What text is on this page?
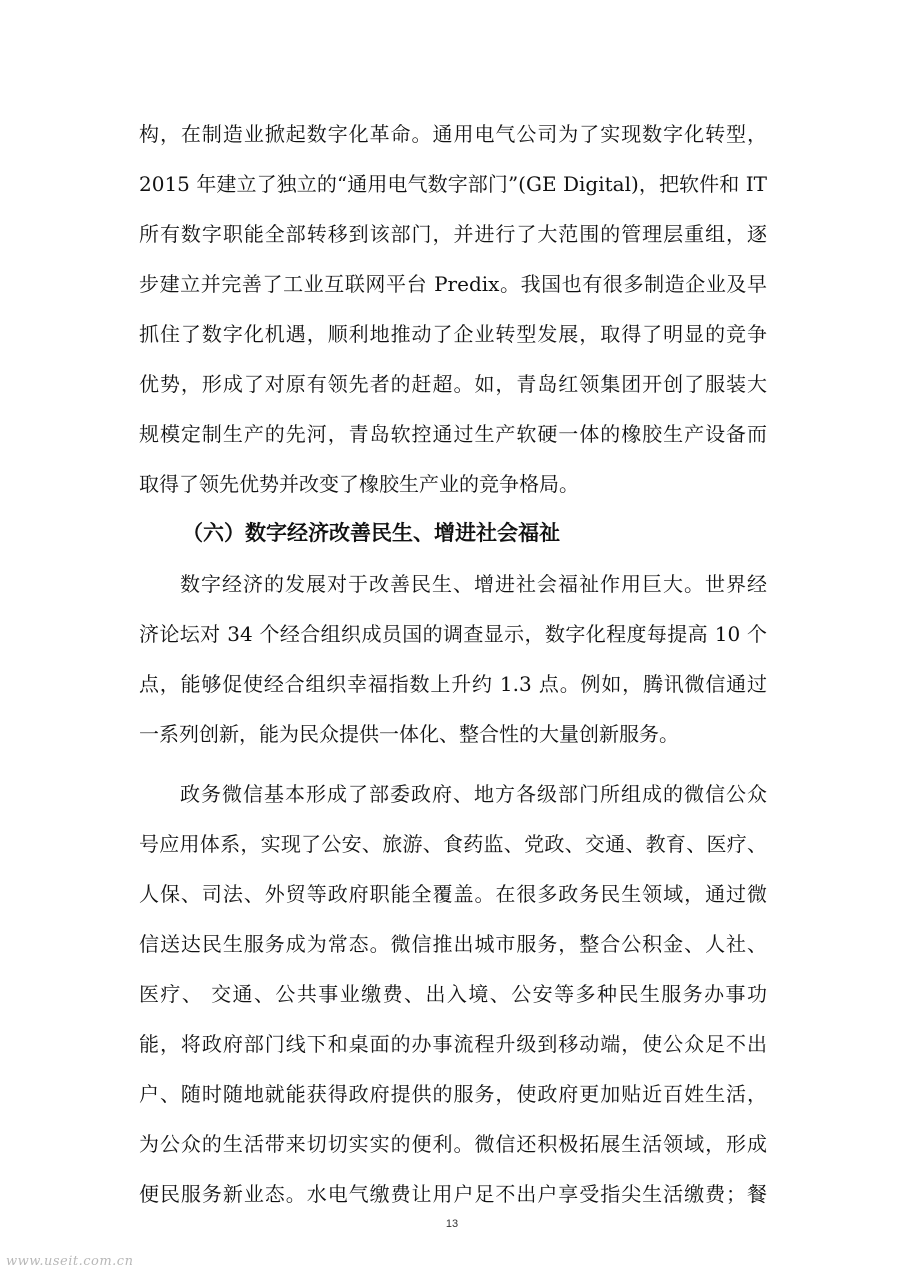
构，在制造业掀起数字化革命。通用电气公司为了实现数字化转型，
2015 年建立了独立的“通用电气数字部门”(GE Digital)，把软件和 IT
所有数字职能全部转移到该部门，并进行了大范围的管理层重组，逐
步建立并完善了工业互联网平台 Predix。我国也有很多制造企业及早
抓住了数字化机遇，顺利地推动了企业转型发展，取得了明显的竞争
优势，形成了对原有领先者的赶超。如，青岛红领集团开创了服装大
规模定制生产的先河，青岛软控通过生产软硬一体的橡胶生产设备而
取得了领先优势并改变了橡胶生产业的竞争格局。
（六）数字经济改善民生、增进社会福祉
数字经济的发展对于改善民生、增进社会福祉作用巨大。世界经
济论坛对 34 个经合组织成员国的调查显示，数字化程度每提高 10 个
点，能够促使经合组织幸福指数上升约 1.3 点。例如，腾讯微信通过
一系列创新，能为民众提供一体化、整合性的大量创新服务。
政务微信基本形成了部委政府、地方各级部门所组成的微信公众
号应用体系，实现了公安、旅游、食药监、党政、交通、教育、医疗、
人保、司法、外贸等政府职能全覆盖。在很多政务民生领域，通过微
信送达民生服务成为常态。微信推出城市服务，整合公积金、人社、
医疗、 交通、公共事业缴费、出入境、公安等多种民生服务办事功
能，将政府部门线下和桌面的办事流程升级到移动端，使公众足不出
户、随时随地就能获得政府提供的服务，使政府更加贴近百姓生活，
为公众的生活带来切切实实的便利。微信还积极拓展生活领域，形成
便民服务新业态。水电气缴费让用户足不出户享受指尖生活缴费；餐
13
www.useit.com.cn
